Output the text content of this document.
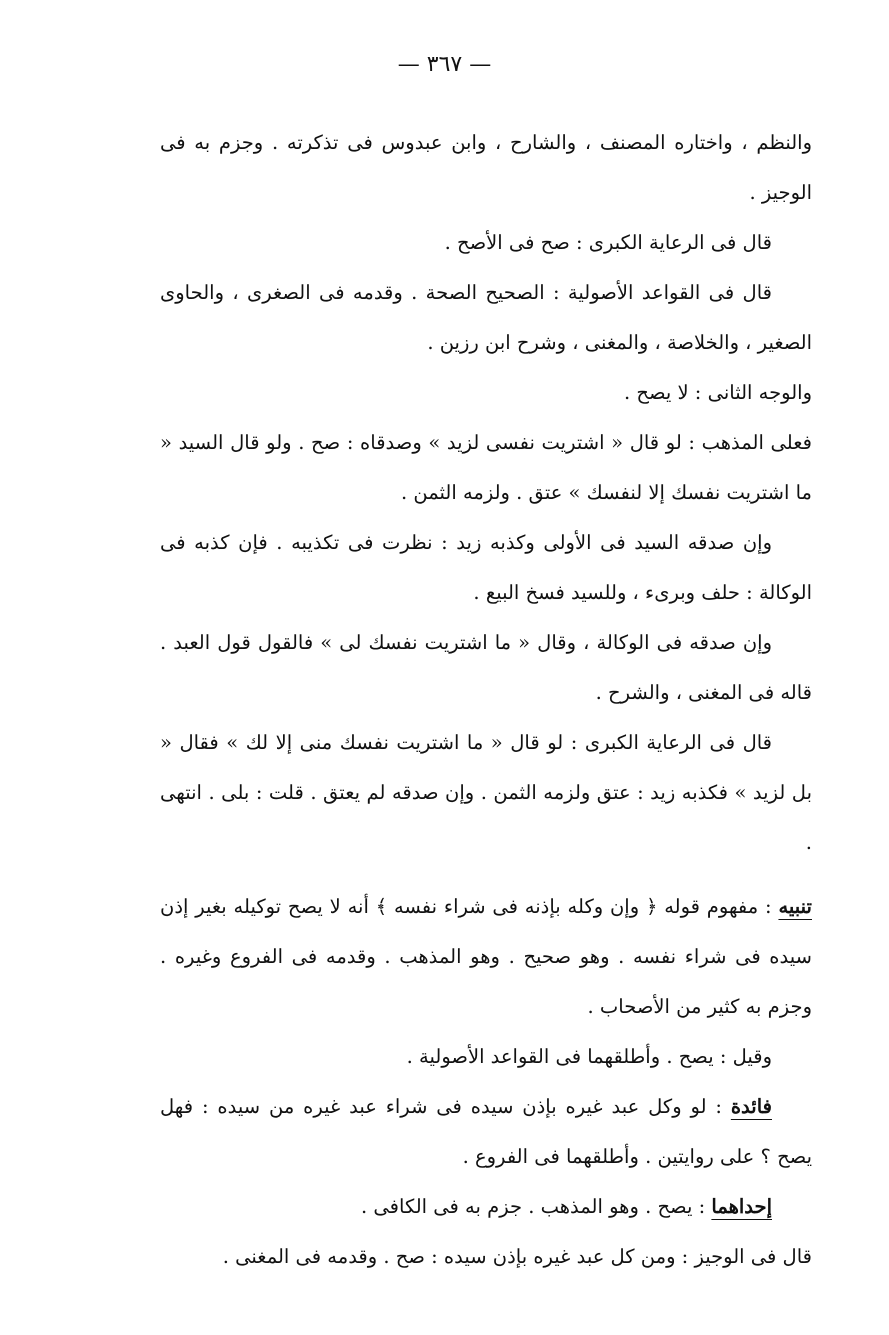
— ٣٦٧ —

والنظم ، واختاره المصنف ، والشارح ، وابن عبدوس فى تذكرته . وجزم به فى الوجيز .

قال فى الرعاية الكبرى : صح فى الأصح .

قال فى القواعد الأصولية : الصحيح الصحة . وقدمه فى الصغرى ، والحاوى الصغير ، والخلاصة ، والمغنى ، وشرح ابن رزين .

والوجه الثانى : لا يصح .

فعلى المذهب : لو قال « اشتريت نفسى لزيد » وصدقاه : صح . ولو قال السيد « ما اشتريت نفسك إلا لنفسك » عتق . ولزمه الثمن .

وإن صدقه السيد فى الأولى وكذبه زيد : نظرت فى تكذيبه . فإن كذبه فى الوكالة : حلف وبرىء ، وللسيد فسخ البيع .

وإن صدقه فى الوكالة ، وقال « ما اشتريت نفسك لى » فالقول قول العبد . قاله فى المغنى ، والشرح .

قال فى الرعاية الكبرى : لو قال « ما اشتريت نفسك منى إلا لك » فقال « بل لزيد » فكذبه زيد : عتق ولزمه الثمن . وإن صدقه لم يعتق . قلت : بلى . انتهى .

تنبيه : مفهوم قوله ﴿ وإن وكله بإذنه فى شراء نفسه ﴾ أنه لا يصح توكيله بغير إذن سيده فى شراء نفسه . وهو صحيح . وهو المذهب . وقدمه فى الفروع وغيره . وجزم به كثير من الأصحاب .

وقيل : يصح . وأطلقهما فى القواعد الأصولية .

فائدة : لو وكل عبد غيره بإذن سيده فى شراء عبد غيره من سيده : فهل يصح ؟ على روايتين . وأطلقهما فى الفروع .

إحداهما : يصح . وهو المذهب . جزم به فى الكافى .

قال فى الوجيز : ومن كل عبد غيره بإذن سيده : صح . وقدمه فى المغنى .
